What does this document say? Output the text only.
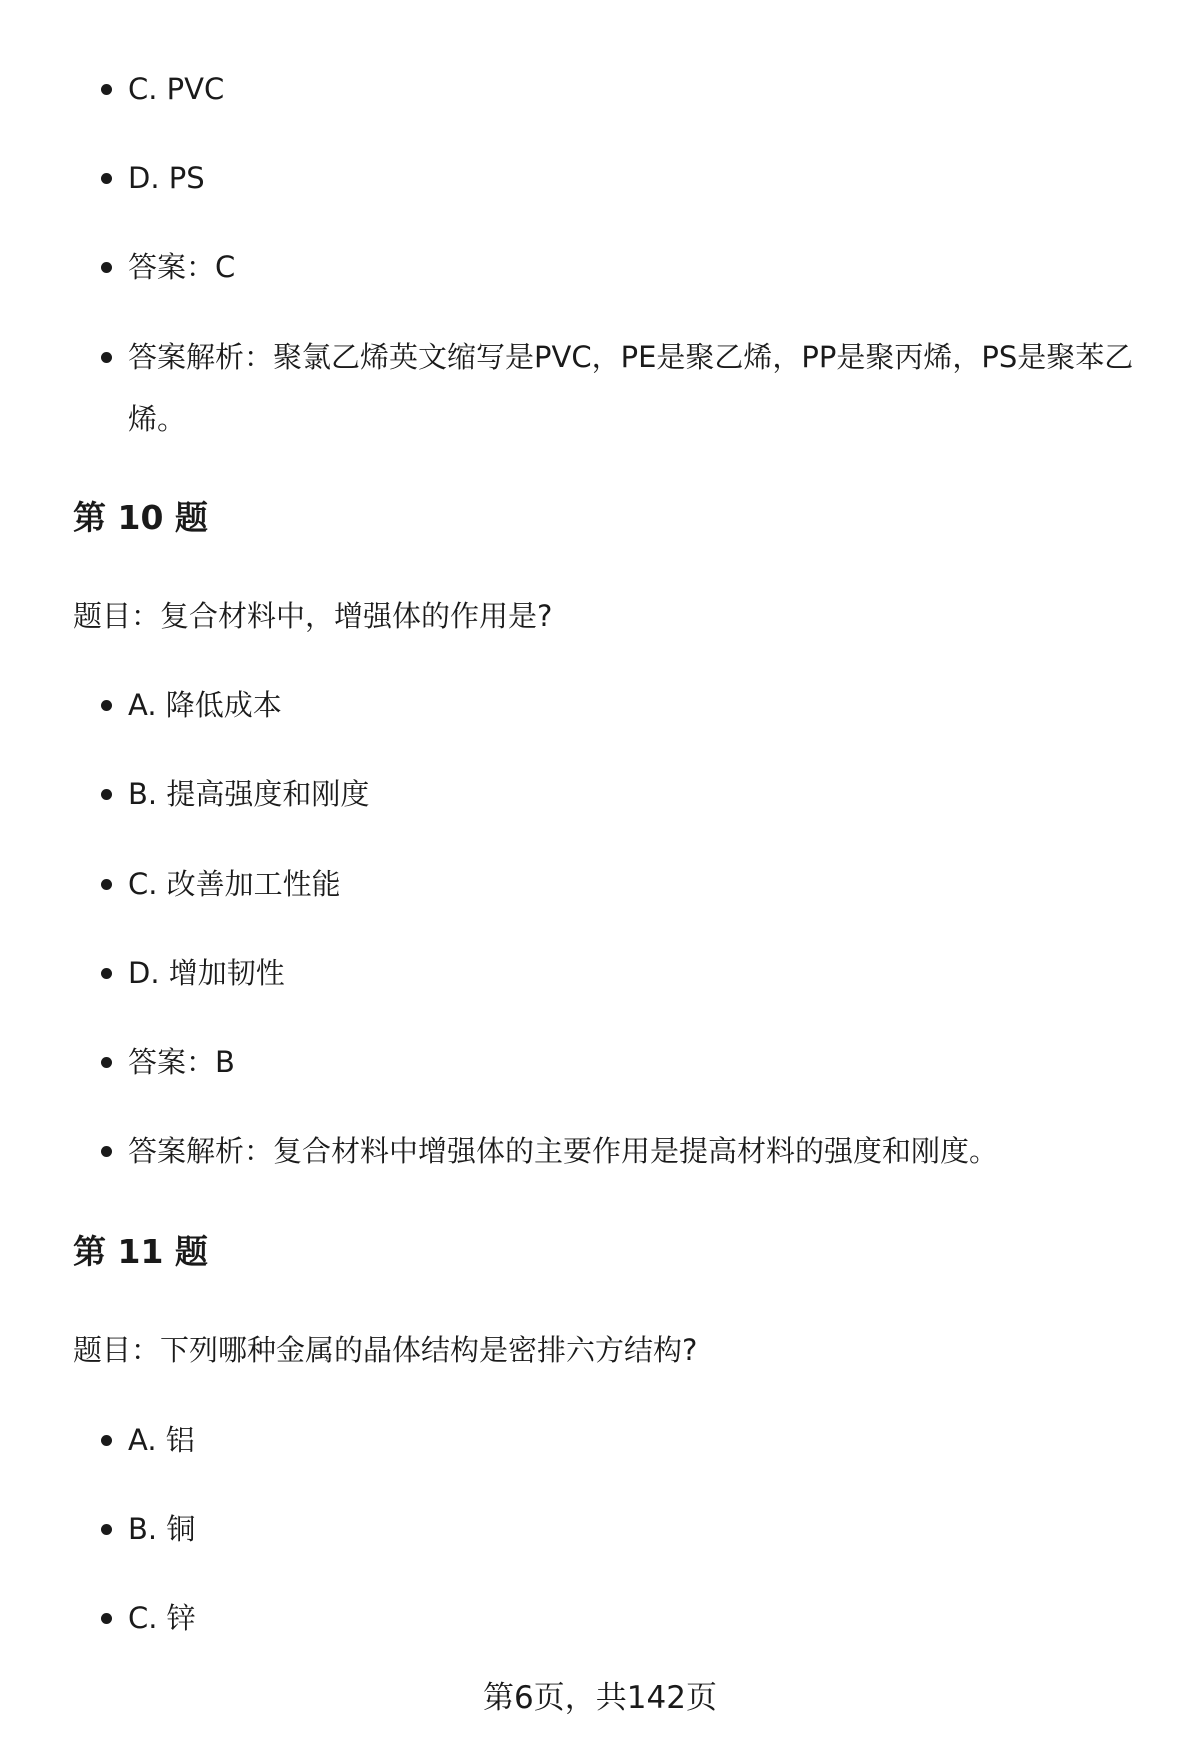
C. PVC
D. PS
答案：C
答案解析：聚氯乙烯英文缩写是PVC，PE是聚乙烯，PP是聚丙烯，PS是聚苯乙烯。
第 10 题
题目：复合材料中，增强体的作用是?
A. 降低成本
B. 提高强度和刚度
C. 改善加工性能
D. 增加韧性
答案：B
答案解析：复合材料中增强体的主要作用是提高材料的强度和刚度。
第 11 题
题目：下列哪种金属的晶体结构是密排六方结构?
A. 铝
B. 铜
C. 锌
第6页，共142页
